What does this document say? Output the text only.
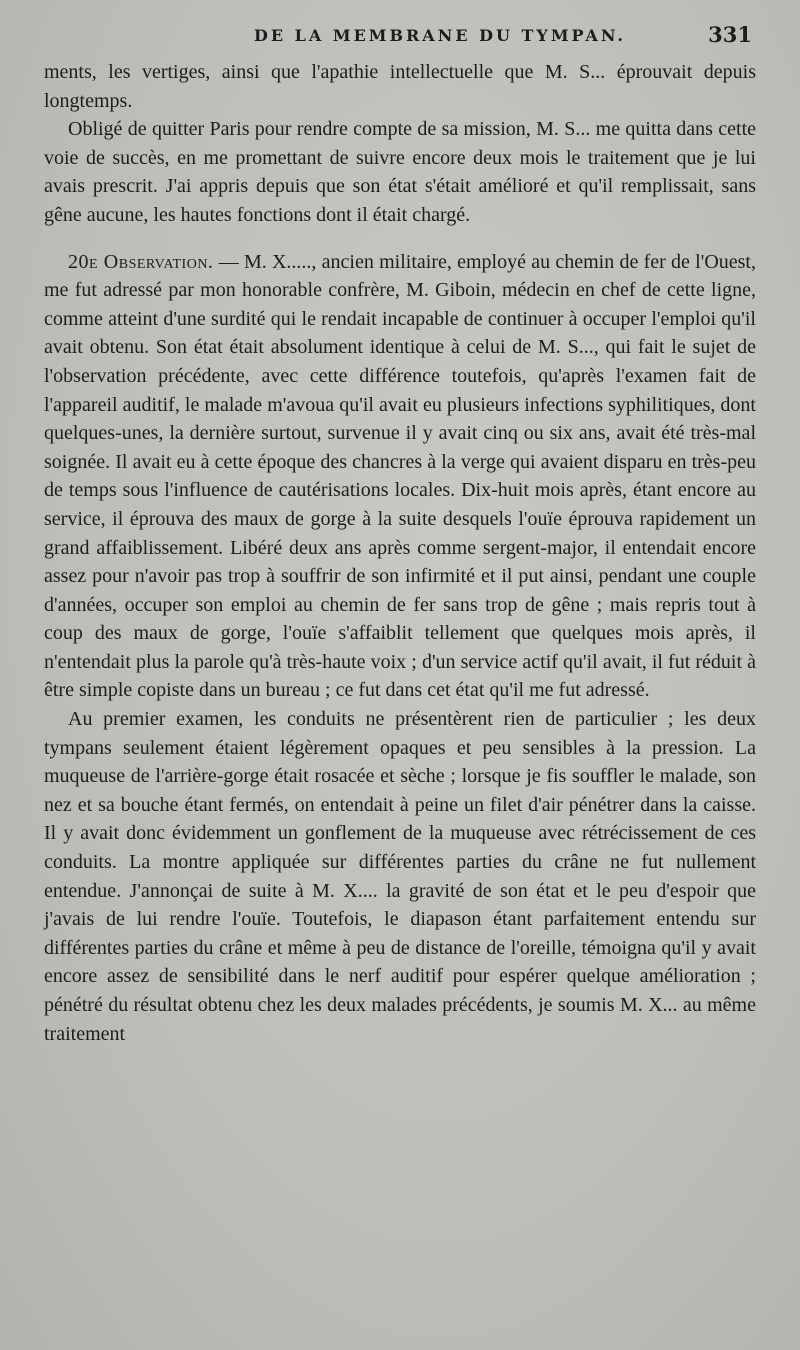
DE LA MEMBRANE DU TYMPAN.	331

ments, les vertiges, ainsi que l'apathie intellectuelle que M. S... éprouvait depuis longtemps.

Obligé de quitter Paris pour rendre compte de sa mission, M. S... me quitta dans cette voie de succès, en me promettant de suivre encore deux mois le traitement que je lui avais prescrit. J'ai appris depuis que son état s'était amélioré et qu'il remplissait, sans gêne aucune, les hautes fonctions dont il était chargé.

20e Observation. — M. X....., ancien militaire, employé au chemin de fer de l'Ouest, me fut adressé par mon honorable confrère, M. Giboin, médecin en chef de cette ligne, comme atteint d'une surdité qui le rendait incapable de continuer à occuper l'emploi qu'il avait obtenu. Son état était absolument identique à celui de M. S..., qui fait le sujet de l'observation précédente, avec cette différence toutefois, qu'après l'examen fait de l'appareil auditif, le malade m'avoua qu'il avait eu plusieurs infections syphilitiques, dont quelques-unes, la dernière surtout, survenue il y avait cinq ou six ans, avait été très-mal soignée. Il avait eu à cette époque des chancres à la verge qui avaient disparu en très-peu de temps sous l'influence de cautérisations locales. Dix-huit mois après, étant encore au service, il éprouva des maux de gorge à la suite desquels l'ouïe éprouva rapidement un grand affaiblissement. Libéré deux ans après comme sergent-major, il entendait encore assez pour n'avoir pas trop à souffrir de son infirmité et il put ainsi, pendant une couple d'années, occuper son emploi au chemin de fer sans trop de gêne ; mais repris tout à coup des maux de gorge, l'ouïe s'affaiblit tellement que quelques mois après, il n'entendait plus la parole qu'à très-haute voix ; d'un service actif qu'il avait, il fut réduit à être simple copiste dans un bureau ; ce fut dans cet état qu'il me fut adressé.

Au premier examen, les conduits ne présentèrent rien de particulier ; les deux tympans seulement étaient légèrement opaques et peu sensibles à la pression. La muqueuse de l'arrière-gorge était rosacée et sèche ; lorsque je fis souffler le malade, son nez et sa bouche étant fermés, on entendait à peine un filet d'air pénétrer dans la caisse. Il y avait donc évidemment un gonflement de la muqueuse avec rétrécissement de ces conduits. La montre appliquée sur différentes parties du crâne ne fut nullement entendue. J'annonçai de suite à M. X.... la gravité de son état et le peu d'espoir que j'avais de lui rendre l'ouïe. Toutefois, le diapason étant parfaitement entendu sur différentes parties du crâne et même à peu de distance de l'oreille, témoigna qu'il y avait encore assez de sensibilité dans le nerf auditif pour espérer quelque amélioration ; pénétré du résultat obtenu chez les deux malades précédents, je soumis M. X... au même traitement
